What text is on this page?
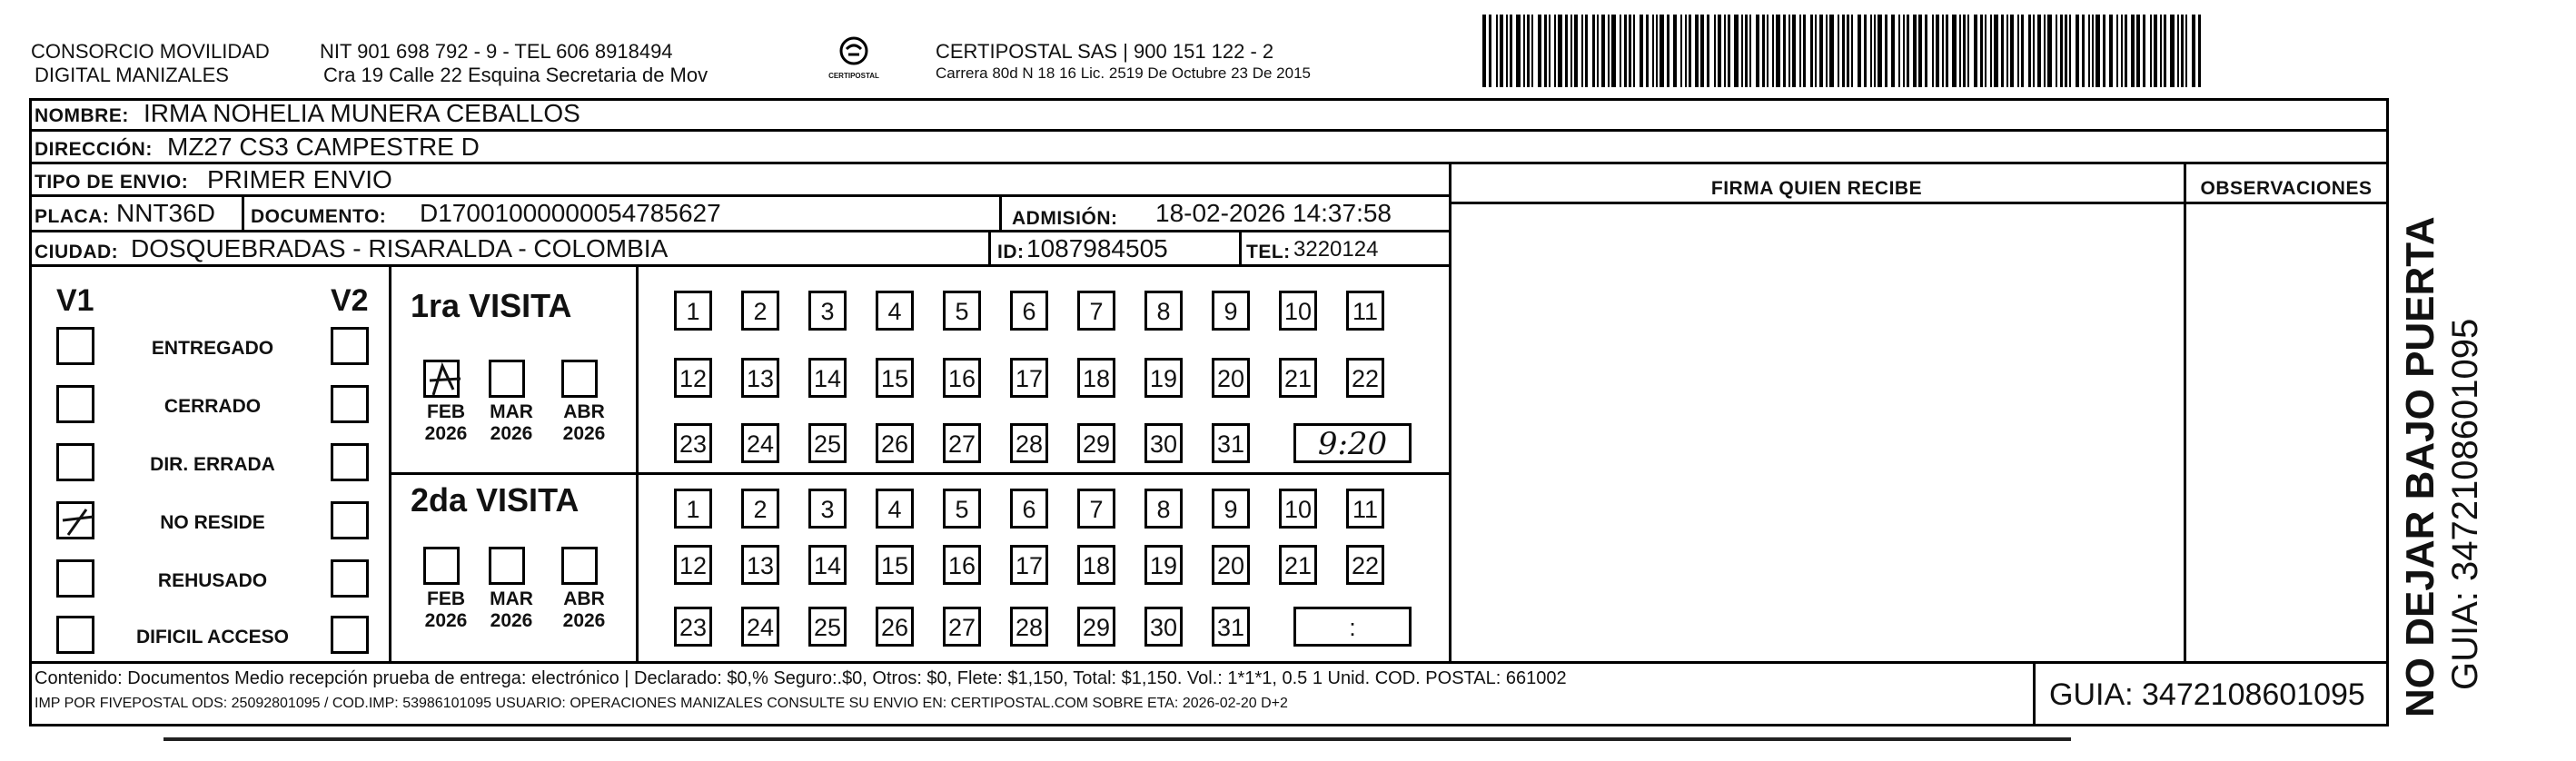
CONSORCIO MOVILIDAD
DIGITAL MANIZALES
NIT 901 698 792 - 9 - TEL 606 8918494
Cra 19 Calle 22 Esquina Secretaria de Mov	CERTIPOSTAL
CERTIPOSTAL SAS | 900 151 122 - 2
Carrera 80d N 18 16 Lic. 2519 De Octubre 23 De 2015
NOMBRE: IRMA NOHELIA MUNERA CEBALLOS
DIRECCIÓN: MZ27 CS3 CAMPESTRE D
TIPO DE ENVIO: PRIMER ENVIO
PLACA: NNT36D DOCUMENTO: D17001000000054785627	ADMISIÓN: 18-02-2026 14:37:58
CIUDAD: DOSQUEBRADAS - RISARALDA - COLOMBIA	ID: 1087984505	TEL: 3220124
FIRMA QUIEN RECIBE	OBSERVACIONES
V1	V2
ENTREGADO
CERRADO
DIR. ERRADA
NO RESIDE
REHUSADO
DIFICIL ACCESO
1ra VISITA
FEB
2026
MAR
2026
ABR
2026
1	2	3	4	5	6	7	8	9	10 11
12 13 14 15 16 17 18 19 20 21 22
23 24 25 26 27 28 29 30 31	9:20
2da VISITA
FEB
2026
MAR
2026
ABR
2026
1	2	3	4	5	6	7	8	9	10 11
12 13 14 15 16 17 18 19 20 21 22
23 24 25 26 27 28 29 30 31	:
Contenido: Documentos Medio recepción prueba de entrega: electrónico | Declarado: $0,% Seguro:.$0, Otros: $0, Flete: $1,150, Total: $1,150. Vol.: 1*1*1, 0.5 1 Unid. COD. POSTAL: 661002
IMP POR FIVEPOSTAL ODS: 25092801095 / COD.IMP: 53986101095 USUARIO: OPERACIONES MANIZALES CONSULTE SU ENVIO EN: CERTIPOSTAL.COM SOBRE ETA: 2026-02-20 D+2	GUIA: 3472108601095 NO DEJAR BAJO PUERTA GUIA: 3472108601095
